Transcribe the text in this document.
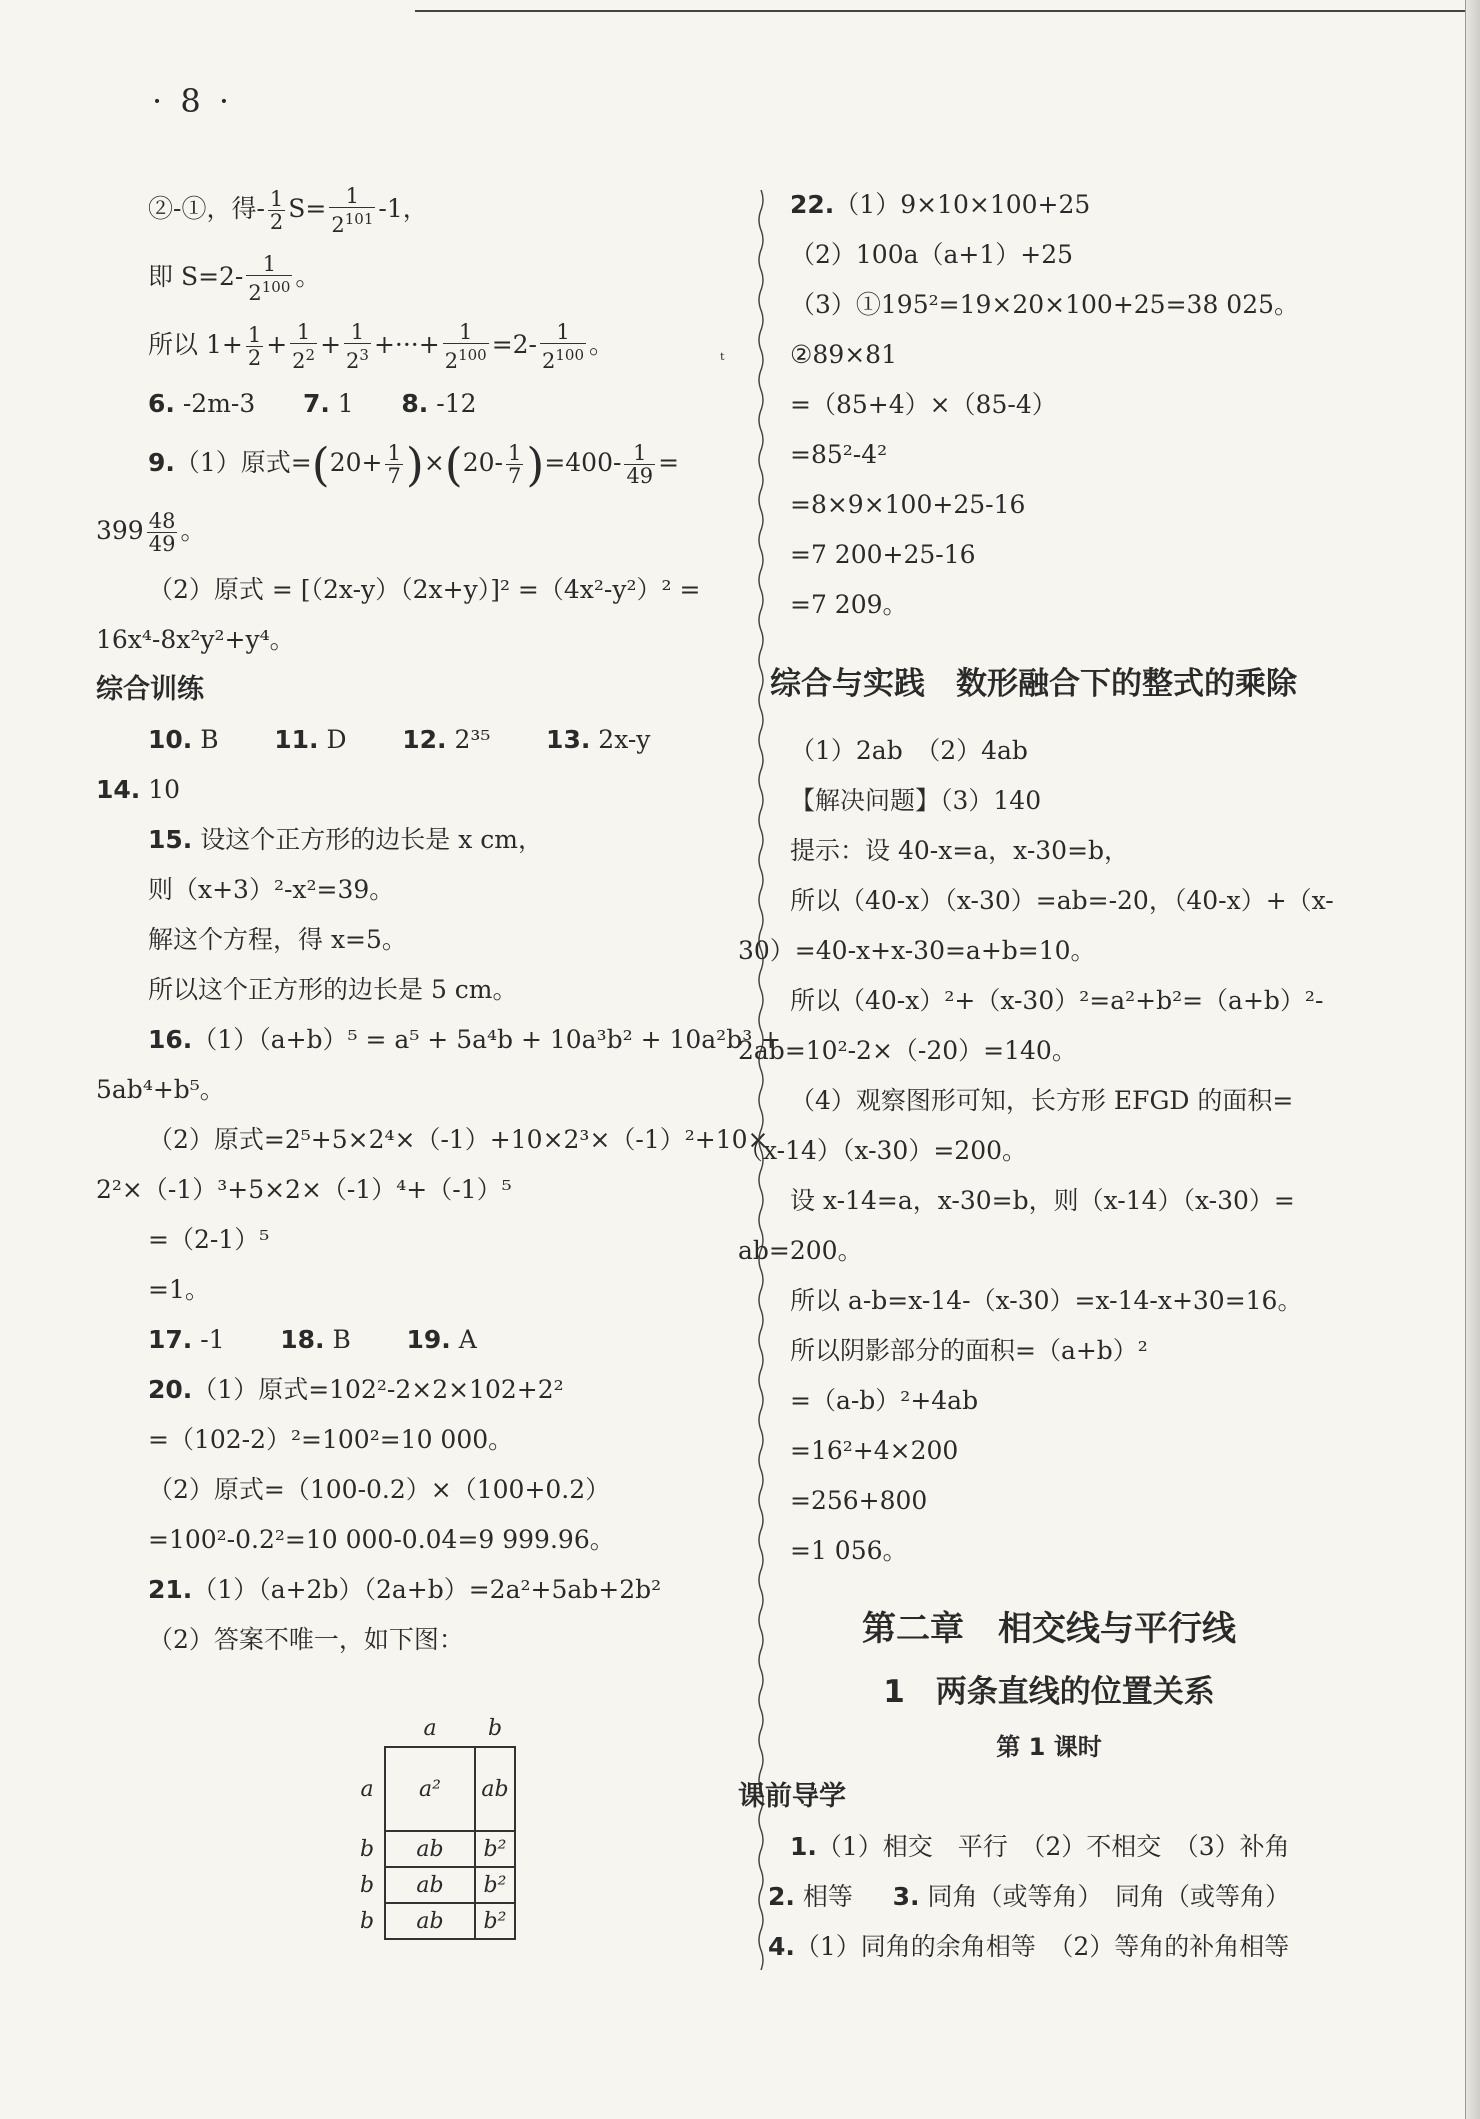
· 8 ·
②-①，得- $\frac{1}{2} S= \frac{1}{2^{101}} -1$，
即 $S=2- \frac{1}{2^{100}}$ 。
所以 $1+ \frac{1}{2} + \frac{1}{2^2} + \frac{1}{2^3}$ +···+ $\frac{1}{2^{100}} =2- \frac{1}{2^{100}}$ 。
6. -2m-3 7. 1 8. -12
9.（1）原式$=(20+ \frac{1}{7} )\times(20- \frac{1}{7} )=400- \frac{1}{49}$ =
$399 \frac{48}{49}$ 。
（2）原式 = [（2x-y）（2x+y）]² =（4x²-y²）² =
16x⁴-8x²y²+y⁴。
综合训练
10. B 11. D 12. 2³⁵ 13. 2x-y
14. 10
15. 设这个正方形的边长是 x cm，
则（x+3）²-x²=39。
解这个方程，得 x=5。
所以这个正方形的边长是 5 cm。
16.（1）（a+b）⁵ = a⁵ + 5a⁴b + 10a³b² + 10a²b³ +
5ab⁴+b⁵。
（2）原式=2⁵+5×2⁴×（-1）+10×2³×（-1）²+10×
2²×（-1）³+5×2×（-1）⁴+（-1）⁵
=（2-1）⁵
=1。
17. -1 18. B 19. A
20.（1）原式=102²-2×2×102+2²
=（102-2）²=100²=10 000。
（2）原式=（100-0.2）×（100+0.2）
=100²-0.2²=10 000-0.04=9 999.96。
21.（1）（a+2b）（2a+b）=2a²+5ab+2b²
（2）答案不唯一，如下图：
ᵗ
	a	b
a	a²	ab
b	ab	b²
b	ab	b²
b	ab	b²
22.（1）9×10×100+25
（2）100a（a+1）+25
（3）①195²=19×20×100+25=38 025。
②89×81
=（85+4）×（85-4）
=85²-4²
=8×9×100+25-16
=7 200+25-16
=7 209。
综合与实践　数形融合下的整式的乘除
（1）2ab　（2）4ab
【解决问题】（3）140
提示：设 40-x=a，x-30=b，
所以（40-x）（x-30）=ab=-20，（40-x）+（x-
30）=40-x+x-30=a+b=10。
所以（40-x）²+（x-30）²=a²+b²=（a+b）²-
2ab=10²-2×（-20）=140。
（4）观察图形可知，长方形 EFGD 的面积=
（x-14）（x-30）=200。
设 x-14=a，x-30=b，则（x-14）（x-30）=
ab=200。
所以 a-b=x-14-（x-30）=x-14-x+30=16。
所以阴影部分的面积=（a+b）²
=（a-b）²+4ab
=16²+4×200
=256+800
=1 056。
第二章　相交线与平行线
1　两条直线的位置关系
第 1 课时
课前导学
1.（1）相交　平行　（2）不相交　（3）补角
2. 相等 3. 同角（或等角）　同角（或等角）
4.（1）同角的余角相等　（2）等角的补角相等
